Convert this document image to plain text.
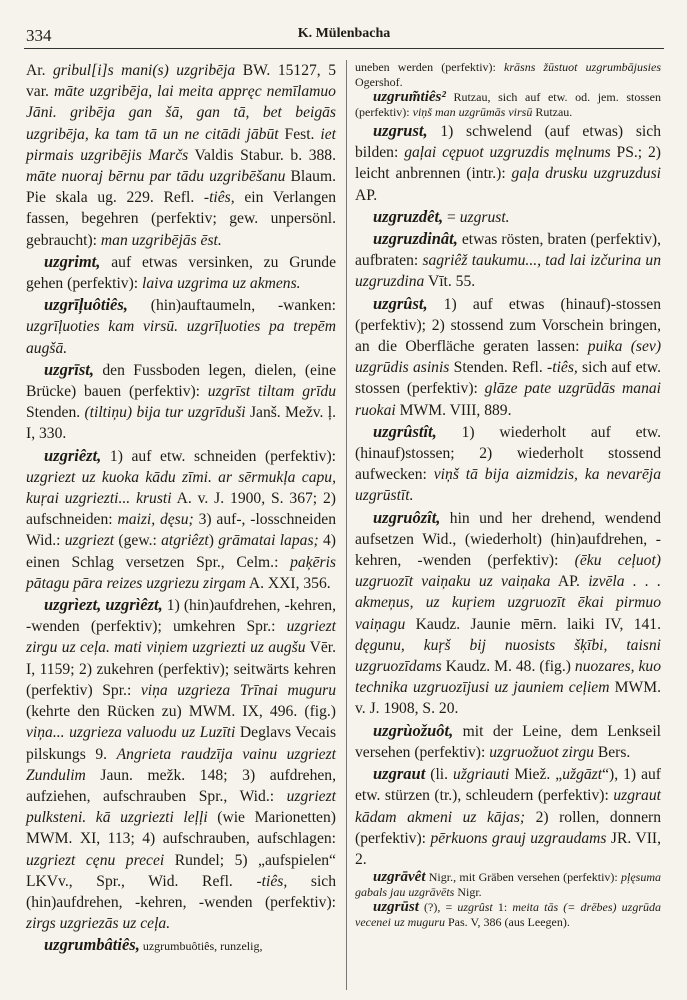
334	K. Mülenbacha

Ar. gribul[i]s mani(s) uzgribēja BW. 15127, 5 var. māte uzgribēja, lai meita appręc nemīlamuo Jāni. gribēja gan šā, gan tā, bet beigās uzgribēja, ka tam tā un ne citādi jābūt Fest. iet pirmais uzgribējis Marčs Valdis Stabur. b. 388. māte nuoraj bērnu par tādu uzgribēšanu Blaum. Pie skala ug. 229. Refl. -tiês, ein Verlangen fassen, begehren (perfektiv; gew. unpersönl. gebraucht): man uzgribējās ēst.

uzgrimt, auf etwas versinken, zu Grunde gehen (perfektiv): laiva uzgrima uz akmens.

uzgrīļuôtiês, (hin)auftaumeln, -wanken: uzgrīļuoties kam virsū. uzgrīļuoties pa trepēm augšā.

uzgrīst, den Fussboden legen, dielen, (eine Brücke) bauen (perfektiv): uzgrīst tiltam grīdu Stenden. (tiltiņu) bija tur uzgrīduši Janš. Mežv. ļ. I, 330.

uzgriêzt, 1) auf etw. schneiden (perfektiv): uzgriezt uz kuoka kādu zīmi. ar sērmukļa capu, kuŗai uzgriezti... krusti A. v. J. 1900, S. 367; 2) aufschneiden: maizi, dęsu; 3) auf-, -losschneiden Wid.: uzgriezt (gew.: atgriêzt) grāmatai lapas; 4) einen Schlag versetzen Spr., Celm.: paķēris pātagu pāra reizes uzgriezu zirgam A. XXI, 356.

uzgrìezt, uzgrìêzt, 1) (hin)aufdrehen, -kehren, -wenden (perfektiv); umkehren Spr.: uzgriezt zirgu uz ceļa. mati viņiem uzgriezti uz augšu Vēr. I, 1159; 2) zukehren (perfektiv); seitwärts kehren (perfektiv) Spr.: viņa uzgrieza Trīnai muguru (kehrte den Rücken zu) MWM. IX, 496. (fig.) viņa... uzgrieza valuodu uz Luzīti Deglavs Vecais pilskungs 9. Angrieta raudzīja vainu uzgriezt Zundulim Jaun. mežk. 148; 3) aufdrehen, aufziehen, aufschrauben Spr., Wid.: uzgriezt pulksteni. kā uzgriezti leļļi (wie Marionetten) MWM. XI, 113; 4) aufschrauben, aufschlagen: uzgriezt cęnu precei Rundel; 5) „aufspielen“ LKVv., Spr., Wid. Refl. -tiês, sich (hin)aufdrehen, -kehren, -wenden (perfektiv): zirgs uzgriezās uz ceļa.

uzgrumbâtiês, uzgrumbuôtiês, runzelig,

uneben werden (perfektiv): krāsns žūstuot uzgrumbājusies Ogershof.

uzgrum̃tiês² Rutzau, sich auf etw. od. jem. stossen (perfektiv): viņš man uzgrūmās virsū Rutzau.

uzgrust, 1) schwelend (auf etwas) sich bilden: gaļai cępuot uzgruzdis męlnums PS.; 2) leicht anbrennen (intr.): gaļa drusku uzgruzdusi AP.

uzgruzdêt, = uzgrust.

uzgruzdinât, etwas rösten, braten (perfektiv), aufbraten: sagriêž taukumu..., tad lai izčurina un uzgruzdina Vīt. 55.

uzgrûst, 1) auf etwas (hinauf)-stossen (perfektiv); 2) stossend zum Vorschein bringen, an die Oberfläche geraten lassen: puika (sev) uzgrūdis asinis Stenden. Refl. -tiês, sich auf etw. stossen (perfektiv): glāze pate uzgrūdās manai ruokai MWM. VIII, 889.

uzgrûstît, 1) wiederholt auf etw. (hinauf)stossen; 2) wiederholt stossend aufwecken: viņš tā bija aizmidzis, ka nevarēja uzgrūstīt.

uzgruôzît, hin und her drehend, wendend aufsetzen Wid., (wiederholt) (hin)aufdrehen, -kehren, -wenden (perfektiv): (ēku ceļuot) uzgruozīt vaiņaku uz vaiņaka AP. izvēla . . . akmeņus, uz kuŗiem uzgruozīt ēkai pirmuo vaiņagu Kaudz. Jaunie mērn. laiki IV, 141. dęgunu, kuŗš bij nuosists šķībi, taisni uzgruozīdams Kaudz. M. 48. (fig.) nuozares, kuo technika uzgruozījusi uz jauniem ceļiem MWM. v. J. 1908, S. 20.

uzgrùožuôt, mit der Leine, dem Lenkseil versehen (perfektiv): uzgruožuot zirgu Bers.

uzgraut (li. užgriauti Miež. „užgāzt“), 1) auf etw. stürzen (tr.), schleudern (perfektiv): uzgraut kādam akmeni uz kājas; 2) rollen, donnern (perfektiv): pērkuons grauj uzgraudams JR. VII, 2.

uzgrāvêt Nigr., mit Gräben versehen (perfektiv): pļęsuma gabals jau uzgrāvēts Nigr.

uzgrūst (?), = uzgrûst 1: meita tās (= drēbes) uzgrūda vecenei uz muguru Pas. V, 386 (aus Leegen).
